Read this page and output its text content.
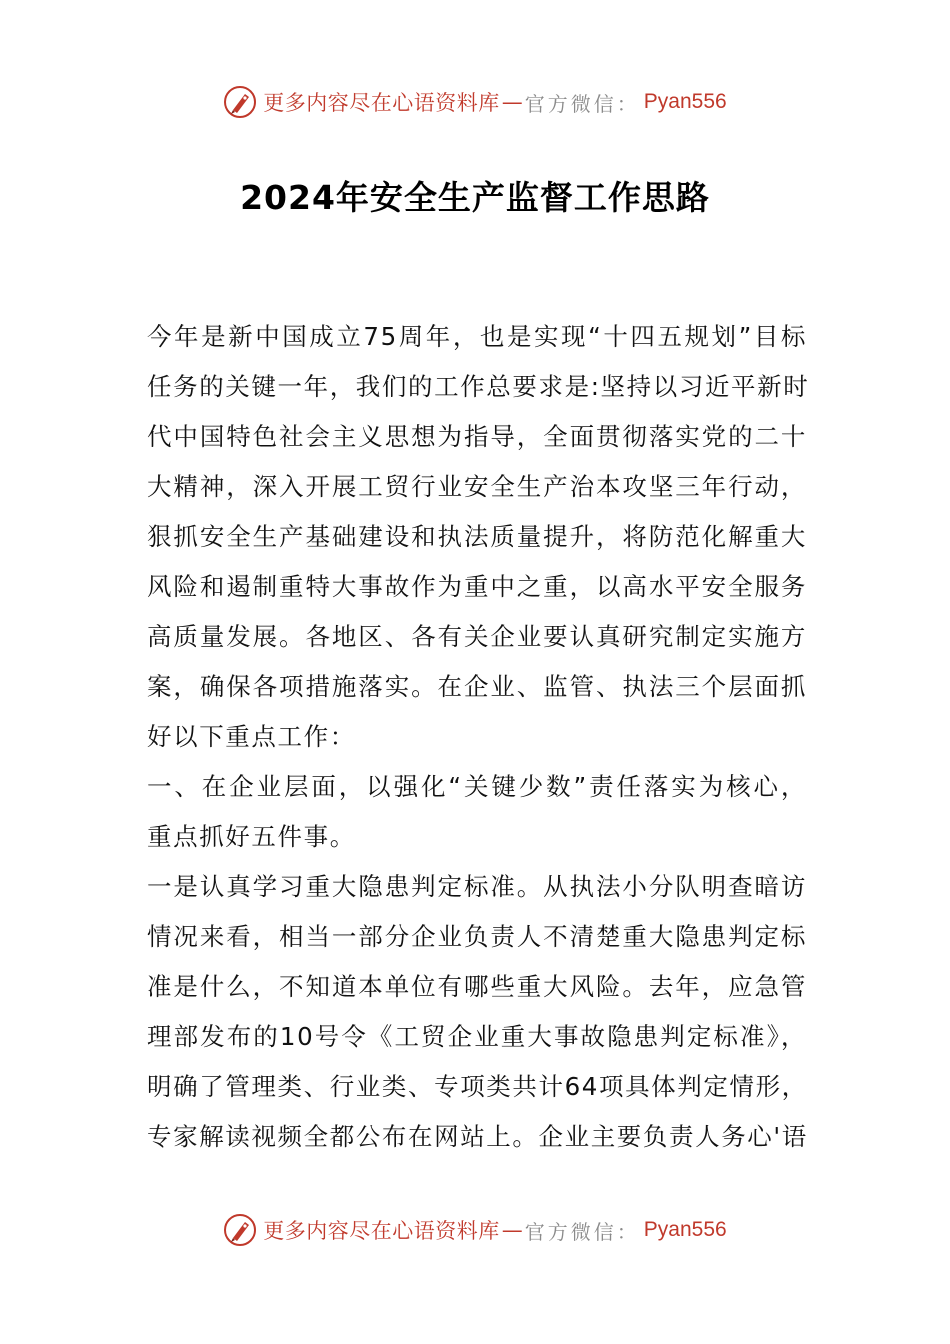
更多内容尽在心语资料库 — 官方微信： Pyan556
2024年安全生产监督工作思路
今年是新中国成立75周年，也是实现“十四五规划”目标
任务的关键一年，我们的工作总要求是:坚持以习近平新时
代中国特色社会主义思想为指导，全面贯彻落实党的二十
大精神，深入开展工贸行业安全生产治本攻坚三年行动，
狠抓安全生产基础建设和执法质量提升，将防范化解重大
风险和遏制重特大事故作为重中之重，以高水平安全服务
高质量发展。各地区、各有关企业要认真研究制定实施方
案，确保各项措施落实。在企业、监管、执法三个层面抓
好以下重点工作：
一、在企业层面，以强化“关键少数”责任落实为核心，
重点抓好五件事。
一是认真学习重大隐患判定标准。从执法小分队明查暗访
情况来看，相当一部分企业负责人不清楚重大隐患判定标
准是什么，不知道本单位有哪些重大风险。去年，应急管
理部发布的10号令《工贸企业重大事故隐患判定标准》，
明确了管理类、行业类、专项类共计64项具体判定情形，
专家解读视频全都公布在网站上。企业主要负责人务心'语
更多内容尽在心语资料库 — 官方微信： Pyan556
